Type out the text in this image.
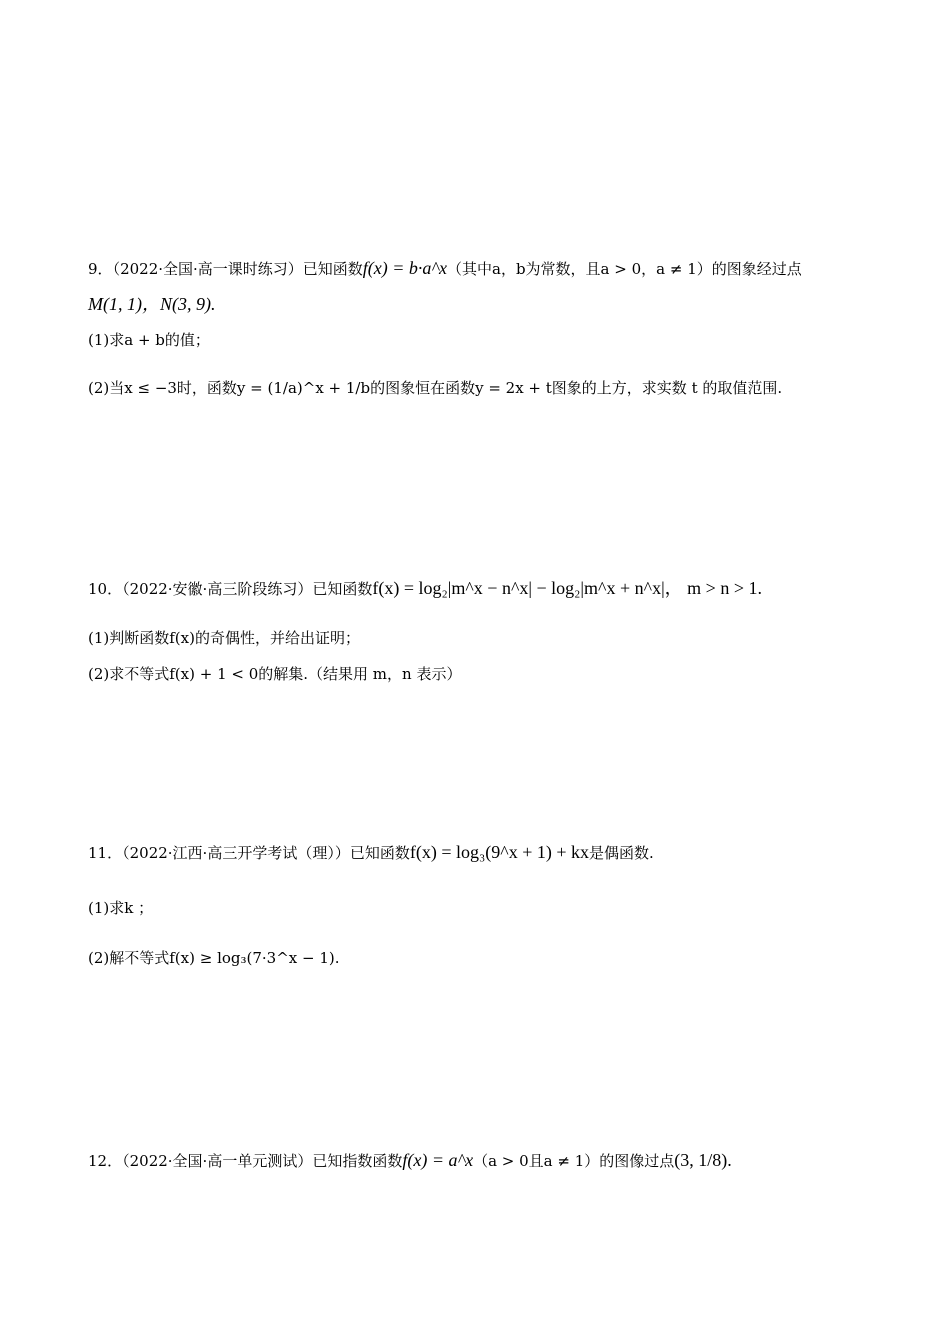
9．（2022·全国·高一课时练习）已知函数f(x) = b·a^x（其中a，b为常数，且a > 0，a ≠ 1）的图象经过点
M(1, 1)，N(3, 9).
(1)求a + b的值；
(2)当x ≤ −3时，函数y = (1/a)^x + 1/b的图象恒在函数y = 2x + t图象的上方，求实数 t 的取值范围.
10．（2022·安徽·高三阶段练习）已知函数f(x) = log₂|m^x − n^x| − log₂|m^x + n^x|， m > n > 1.
(1)判断函数f(x)的奇偶性，并给出证明；
(2)求不等式f(x) + 1 < 0的解集.（结果用 m，n 表示）
11．（2022·江西·高三开学考试（理））已知函数f(x) = log₃(9^x + 1) + kx是偶函数.
(1)求k ；
(2)解不等式f(x) ≥ log₃(7·3^x − 1).
12．（2022·全国·高一单元测试）已知指数函数f(x) = a^x（a > 0且a ≠ 1）的图像过点(3, 1/8).
